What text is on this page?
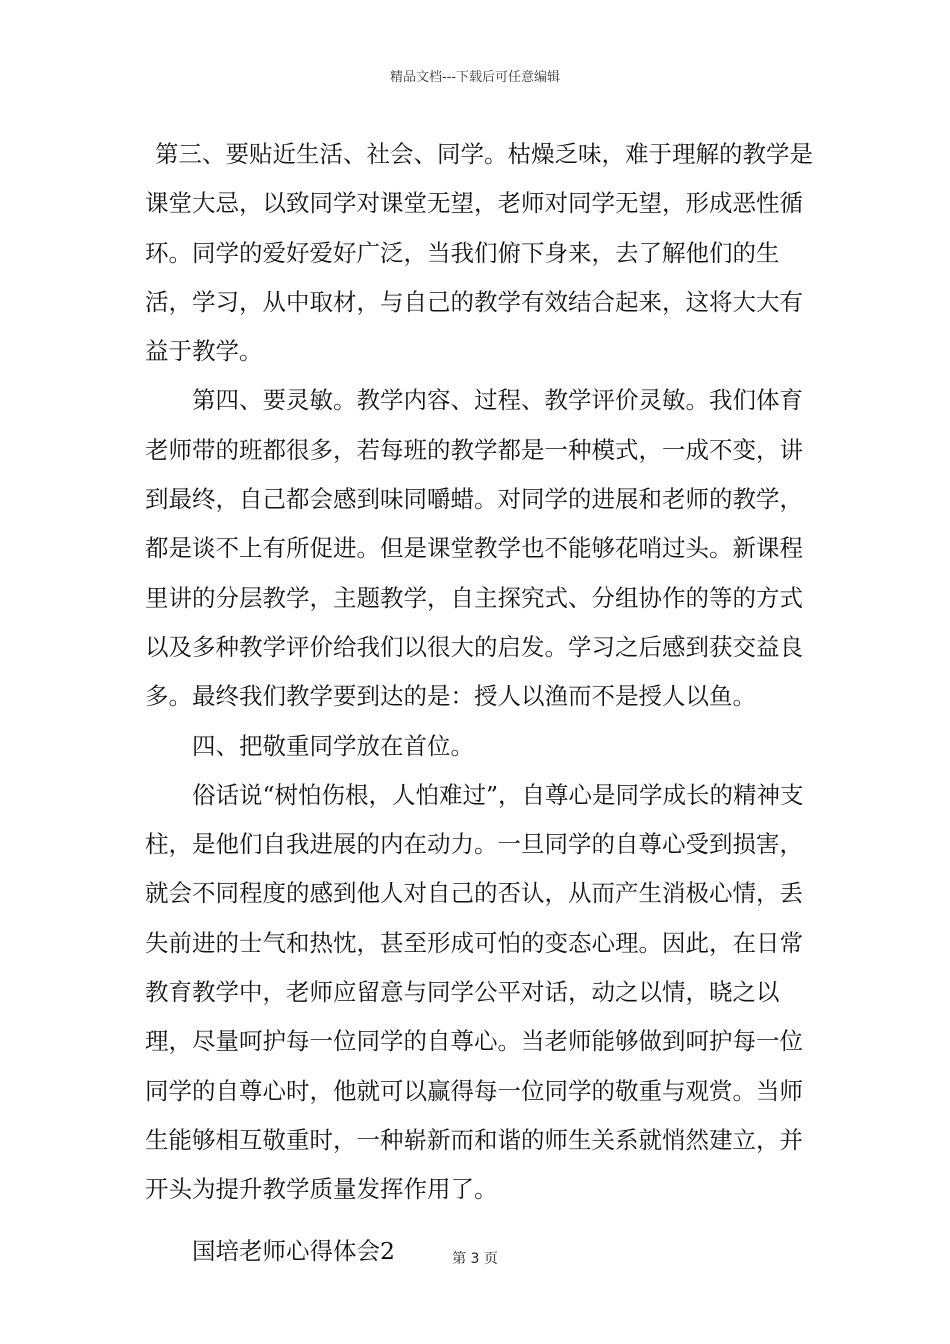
精品文档---下载后可任意编辑

第三、要贴近生活、社会、同学。枯燥乏味，难于理解的教学是课堂大忌，以致同学对课堂无望，老师对同学无望，形成恶性循环。同学的爱好爱好广泛，当我们俯下身来，去了解他们的生活，学习，从中取材，与自己的教学有效结合起来，这将大大有益于教学。

第四、要灵敏。教学内容、过程、教学评价灵敏。我们体育老师带的班都很多，若每班的教学都是一种模式，一成不变，讲到最终，自己都会感到味同嚼蜡。对同学的进展和老师的教学，都是谈不上有所促进。但是课堂教学也不能够花哨过头。新课程里讲的分层教学，主题教学，自主探究式、分组协作的等的方式以及多种教学评价给我们以很大的启发。学习之后感到获交益良多。最终我们教学要到达的是：授人以渔而不是授人以鱼。

四、把敬重同学放在首位。

俗话说“树怕伤根，人怕难过”，自尊心是同学成长的精神支柱，是他们自我进展的内在动力。一旦同学的自尊心受到损害，就会不同程度的感到他人对自己的否认，从而产生消极心情，丢失前进的士气和热忱，甚至形成可怕的变态心理。因此，在日常教育教学中，老师应留意与同学公平对话，动之以情，晓之以理，尽量呵护每一位同学的自尊心。当老师能够做到呵护每一位同学的自尊心时，他就可以赢得每一位同学的敬重与观赏。当师生能够相互敬重时，一种崭新而和谐的师生关系就悄然建立，并开头为提升教学质量发挥作用了。

国培老师心得体会2	第 3 页
